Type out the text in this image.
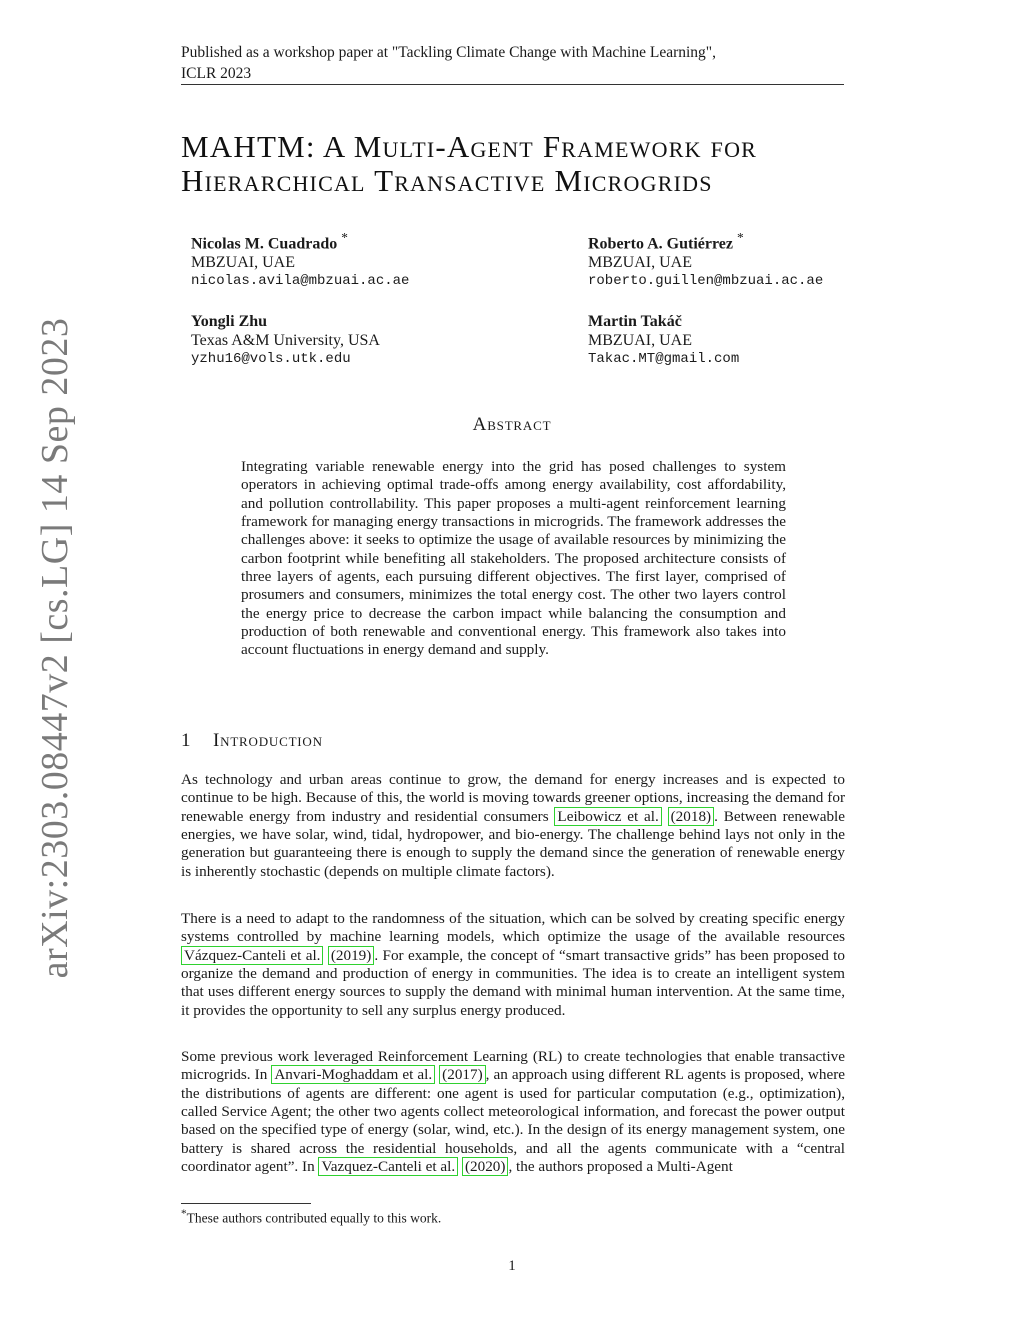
Published as a workshop paper at "Tackling Climate Change with Machine Learning",
ICLR 2023
arXiv:2303.08447v2 [cs.LG] 14 Sep 2023
MAHTM: A Multi-Agent Framework for
Hierarchical Transactive Microgrids
Nicolas M. Cuadrado *
MBZUAI, UAE
nicolas.avila@mbzuai.ac.ae
Roberto A. Gutiérrez *
MBZUAI, UAE
roberto.guillen@mbzuai.ac.ae
Yongli Zhu
Texas A&M University, USA
yzhu16@vols.utk.edu
Martin Takáč
MBZUAI, UAE
Takac.MT@gmail.com
Abstract
Integrating variable renewable energy into the grid has posed challenges to system operators in achieving optimal trade-offs among energy availability, cost affordability, and pollution controllability. This paper proposes a multi-agent reinforcement learning framework for managing energy transactions in microgrids. The framework addresses the challenges above: it seeks to optimize the usage of available resources by minimizing the carbon footprint while benefiting all stakeholders. The proposed architecture consists of three layers of agents, each pursuing different objectives. The first layer, comprised of prosumers and consumers, minimizes the total energy cost. The other two layers control the energy price to decrease the carbon impact while balancing the consumption and production of both renewable and conventional energy. This framework also takes into account fluctuations in energy demand and supply.
1 Introduction
As technology and urban areas continue to grow, the demand for energy increases and is expected to continue to be high. Because of this, the world is moving towards greener options, increasing the demand for renewable energy from industry and residential consumers Leibowicz et al. (2018) . Between renewable energies, we have solar, wind, tidal, hydropower, and bio-energy. The challenge behind lays not only in the generation but guaranteeing there is enough to supply the demand since the generation of renewable energy is inherently stochastic (depends on multiple climate factors).
There is a need to adapt to the randomness of the situation, which can be solved by creating specific energy systems controlled by machine learning models, which optimize the usage of the available resources Vázquez-Canteli et al. (2019) . For example, the concept of “smart transactive grids” has been proposed to organize the demand and production of energy in communities. The idea is to create an intelligent system that uses different energy sources to supply the demand with minimal human intervention. At the same time, it provides the opportunity to sell any surplus energy produced.
Some previous work leveraged Reinforcement Learning (RL) to create technologies that enable transactive microgrids. In Anvari-Moghaddam et al. (2017) , an approach using different RL agents is proposed, where the distributions of agents are different: one agent is used for particular computation (e.g., optimization), called Service Agent; the other two agents collect meteorological information, and forecast the power output based on the specified type of energy (solar, wind, etc.). In the design of its energy management system, one battery is shared across the residential households, and all the agents communicate with a “central coordinator agent”. In Vazquez-Canteli et al. (2020) , the authors proposed a Multi-Agent
*These authors contributed equally to this work.
1
